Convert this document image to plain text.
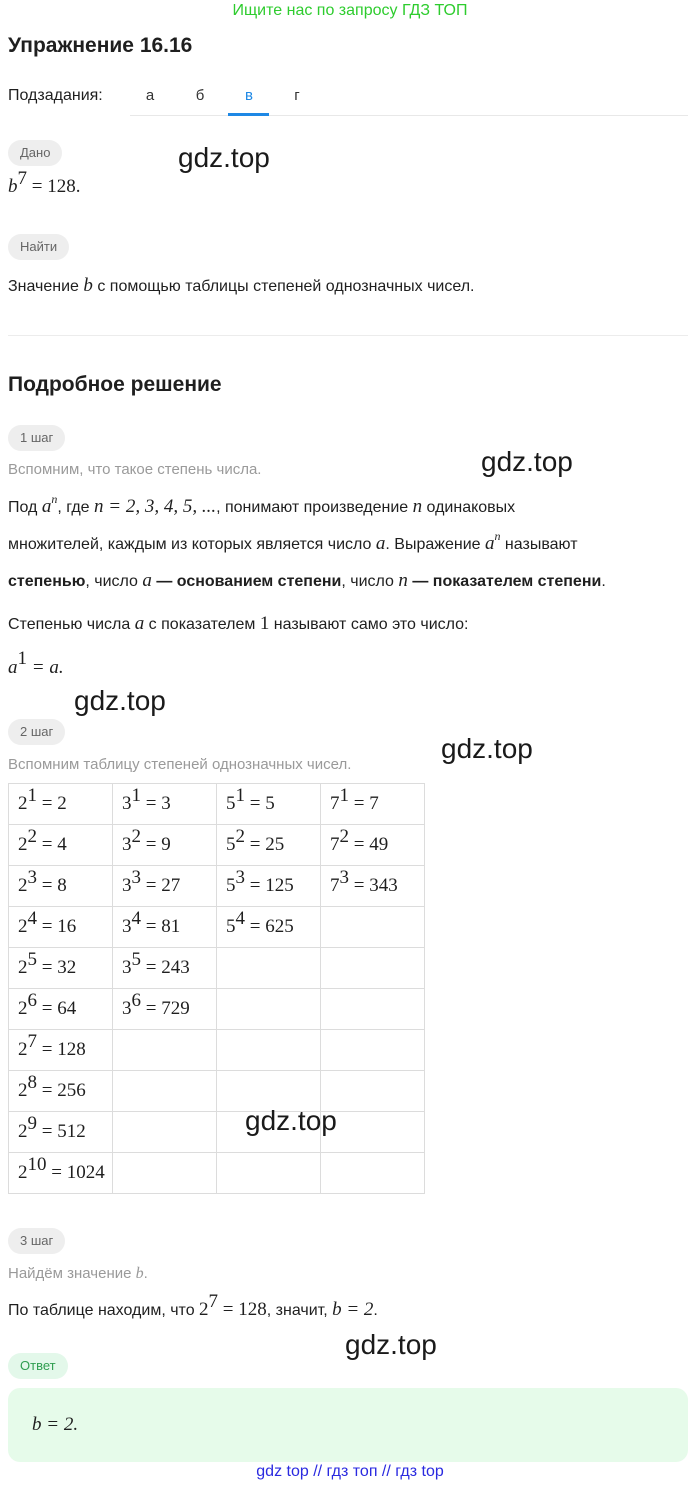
Ищите нас по запросу ГДЗ ТОП
Упражнение 16.16
Подзадания:	а	б	в	г
Дано
$b^7 = 128$.
Найти
Значение b с помощью таблицы степеней однозначных чисел.
Подробное решение
1 шаг
Вспомним, что такое степень числа.
Под $a^n$, где n = 2, 3, 4, 5, ..., понимают произведение n одинаковых
множителей, каждым из которых является число a. Выражение $a^n$ называют
степенью, число a — основанием степени, число n — показателем степени.
Степенью числа a с показателем 1 называют само это число:
$a^1 = a$.
2 шаг
Вспомним таблицу степеней однозначных чисел.
$2^1 = 2$	$3^1 = 3$	$5^1 = 5$	$7^1 = 7$
$2^2 = 4$	$3^2 = 9$	$5^2 = 25$	$7^2 = 49$
$2^3 = 8$	$3^3 = 27$	$5^3 = 125$	$7^3 = 343$
$2^4 = 16$	$3^4 = 81$	$5^4 = 625$	
$2^5 = 32$	$3^5 = 243$		
$2^6 = 64$	$3^6 = 729$		
$2^7 = 128$			
$2^8 = 256$			
$2^9 = 512$			
$2^{10} = 1024$			
3 шаг
Найдём значение b.
По таблице находим, что $2^7 = 128$, значит, b = 2.
Ответ
b = 2.
gdz.top
gdz.top
gdz.top
gdz.top
gdz.top
gdz.top
gdz top // гдз топ // гдз top
